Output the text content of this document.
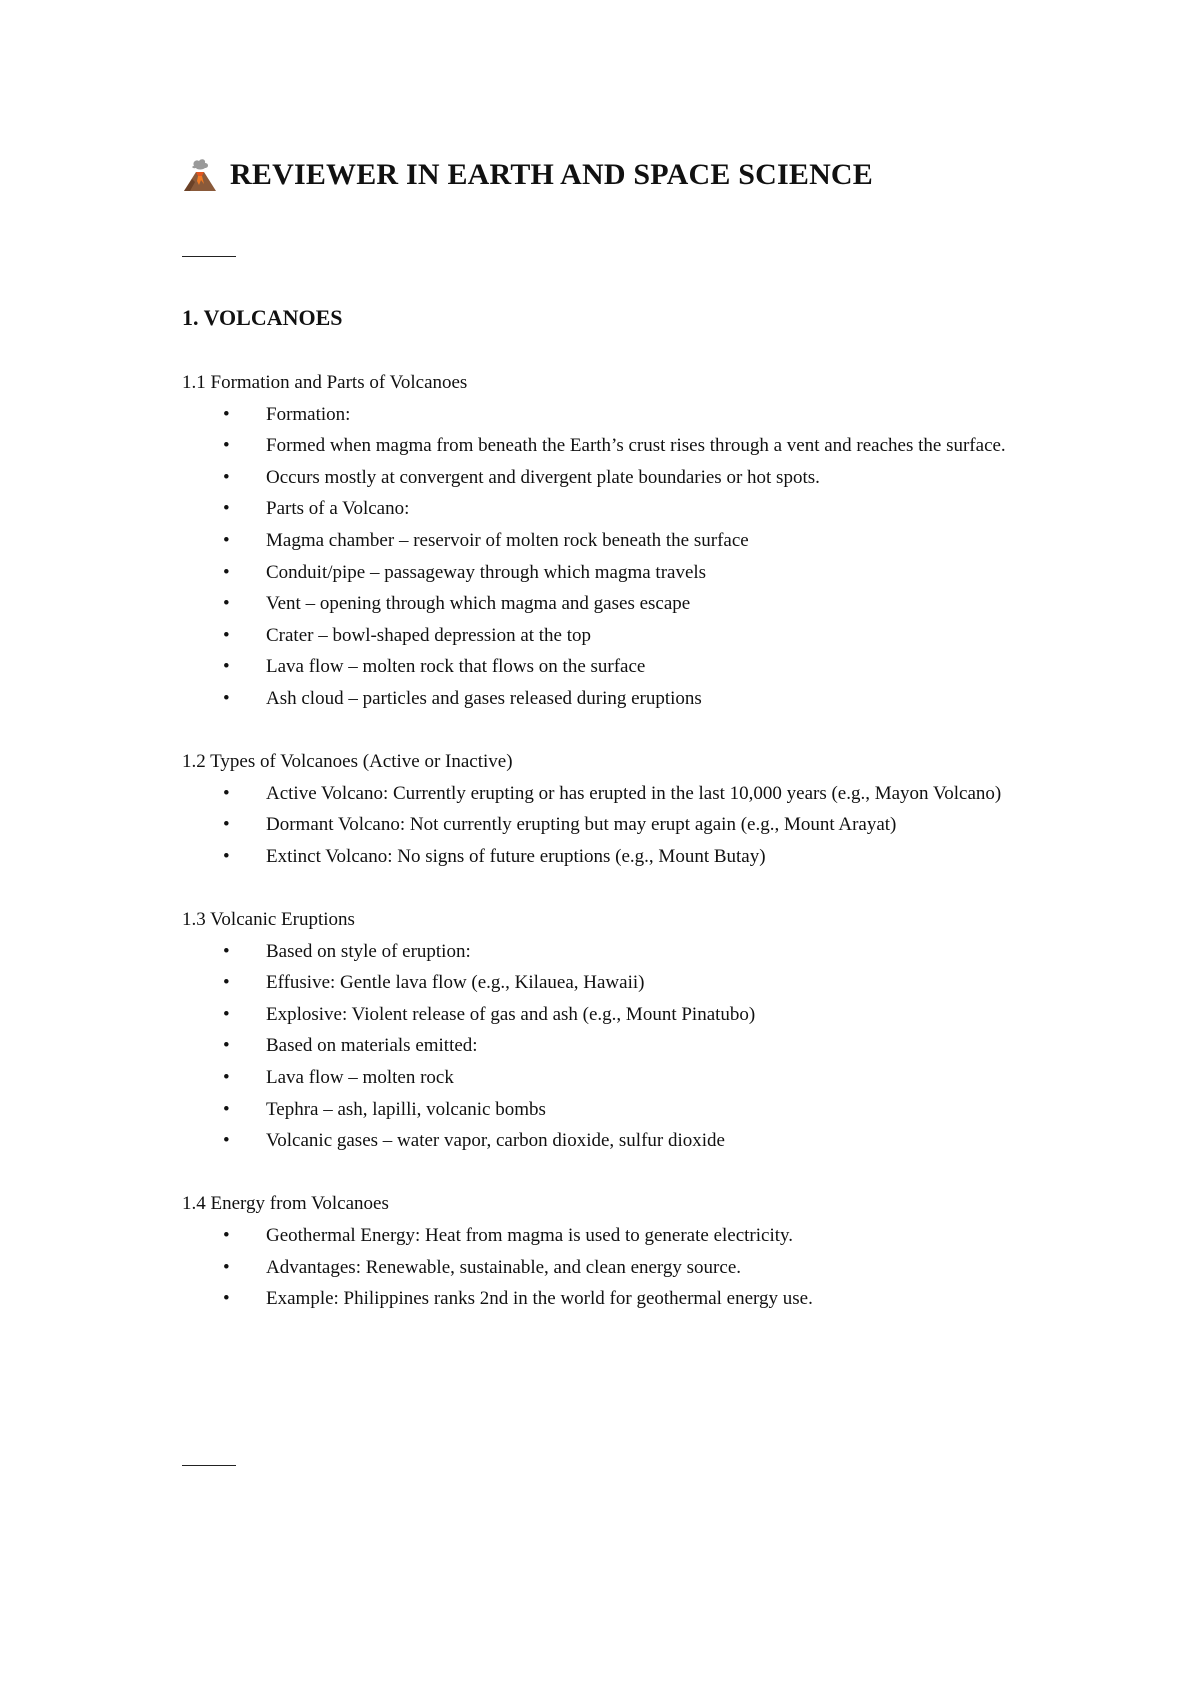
REVIEWER IN EARTH AND SPACE SCIENCE
1. VOLCANOES
1.1 Formation and Parts of Volcanoes
•	Formation:
•	Formed when magma from beneath the Earth’s crust rises through a vent and reaches the surface.
•	Occurs mostly at convergent and divergent plate boundaries or hot spots.
•	Parts of a Volcano:
•	Magma chamber – reservoir of molten rock beneath the surface
•	Conduit/pipe – passageway through which magma travels
•	Vent – opening through which magma and gases escape
•	Crater – bowl-shaped depression at the top
•	Lava flow – molten rock that flows on the surface
•	Ash cloud – particles and gases released during eruptions
1.2 Types of Volcanoes (Active or Inactive)
•	Active Volcano: Currently erupting or has erupted in the last 10,000 years (e.g., Mayon Volcano)
•	Dormant Volcano: Not currently erupting but may erupt again (e.g., Mount Arayat)
•	Extinct Volcano: No signs of future eruptions (e.g., Mount Butay)
1.3 Volcanic Eruptions
•	Based on style of eruption:
•	Effusive: Gentle lava flow (e.g., Kilauea, Hawaii)
•	Explosive: Violent release of gas and ash (e.g., Mount Pinatubo)
•	Based on materials emitted:
•	Lava flow – molten rock
•	Tephra – ash, lapilli, volcanic bombs
•	Volcanic gases – water vapor, carbon dioxide, sulfur dioxide
1.4 Energy from Volcanoes
•	Geothermal Energy: Heat from magma is used to generate electricity.
•	Advantages: Renewable, sustainable, and clean energy source.
•	Example: Philippines ranks 2nd in the world for geothermal energy use.
